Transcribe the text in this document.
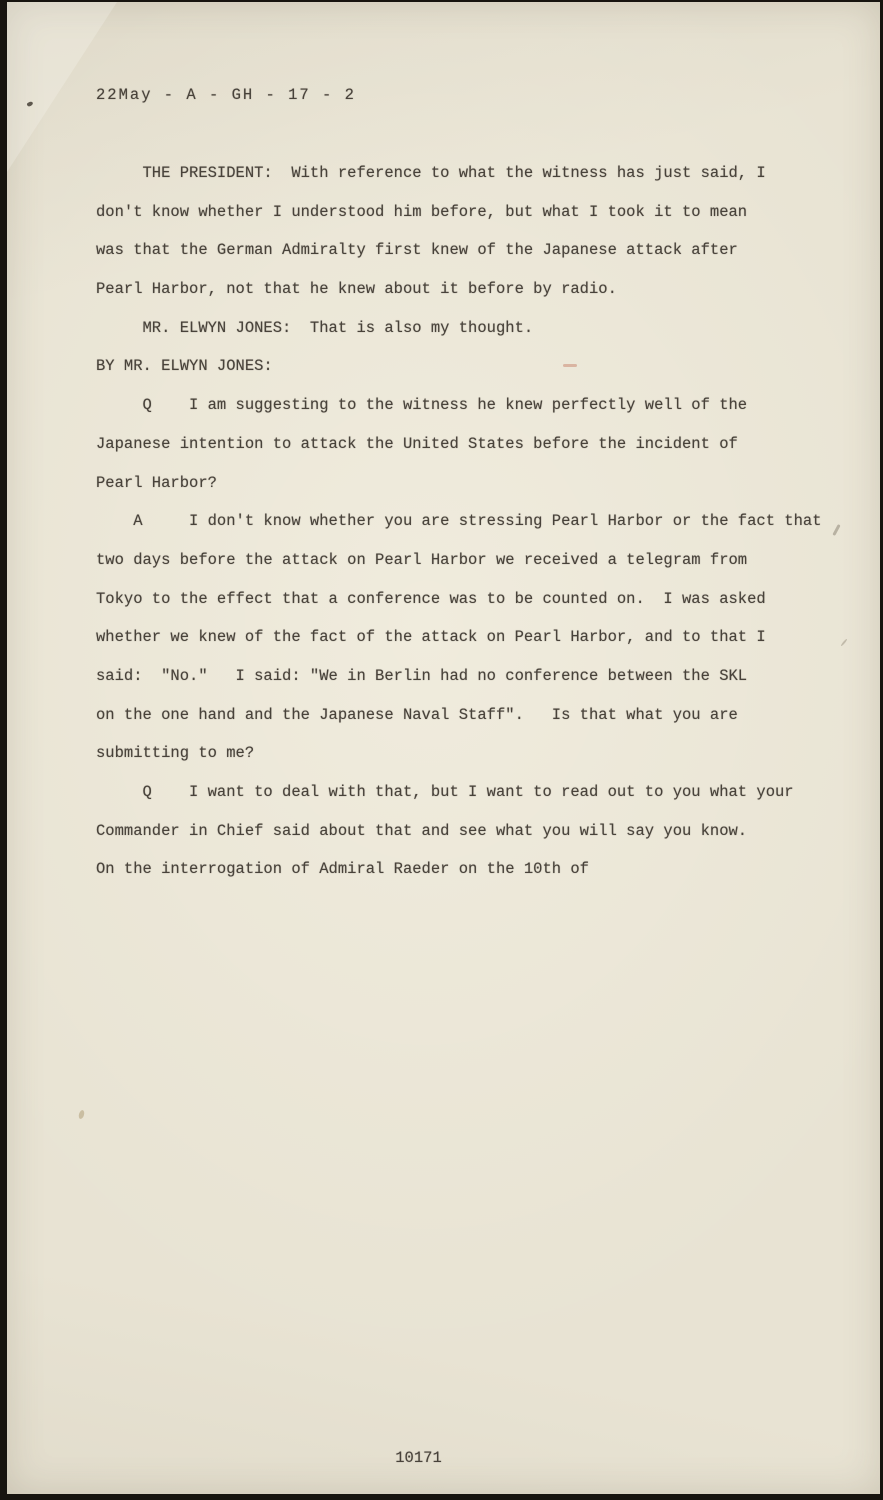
22May - A - GH - 17 - 2
THE PRESIDENT:  With reference to what the witness has just said, I
don't know whether I understood him before, but what I took it to mean
was that the German Admiralty first knew of the Japanese attack after
Pearl Harbor, not that he knew about it before by radio.
MR. ELWYN JONES:  That is also my thought.
BY MR. ELWYN JONES:
Q    I am suggesting to the witness he knew perfectly well of the
Japanese intention to attack the United States before the incident of
Pearl Harbor?
A     I don't know whether you are stressing Pearl Harbor or the fact that
two days before the attack on Pearl Harbor we received a telegram from
Tokyo to the effect that a conference was to be counted on.  I was asked
whether we knew of the fact of the attack on Pearl Harbor, and to that I
said:  "No."   I said: "We in Berlin had no conference between the SKL
on the one hand and the Japanese Naval Staff".   Is that what you are
submitting to me?
Q    I want to deal with that, but I want to read out to you what your
Commander in Chief said about that and see what you will say you know.
On the interrogation of Admiral Raeder on the 10th of
10171
